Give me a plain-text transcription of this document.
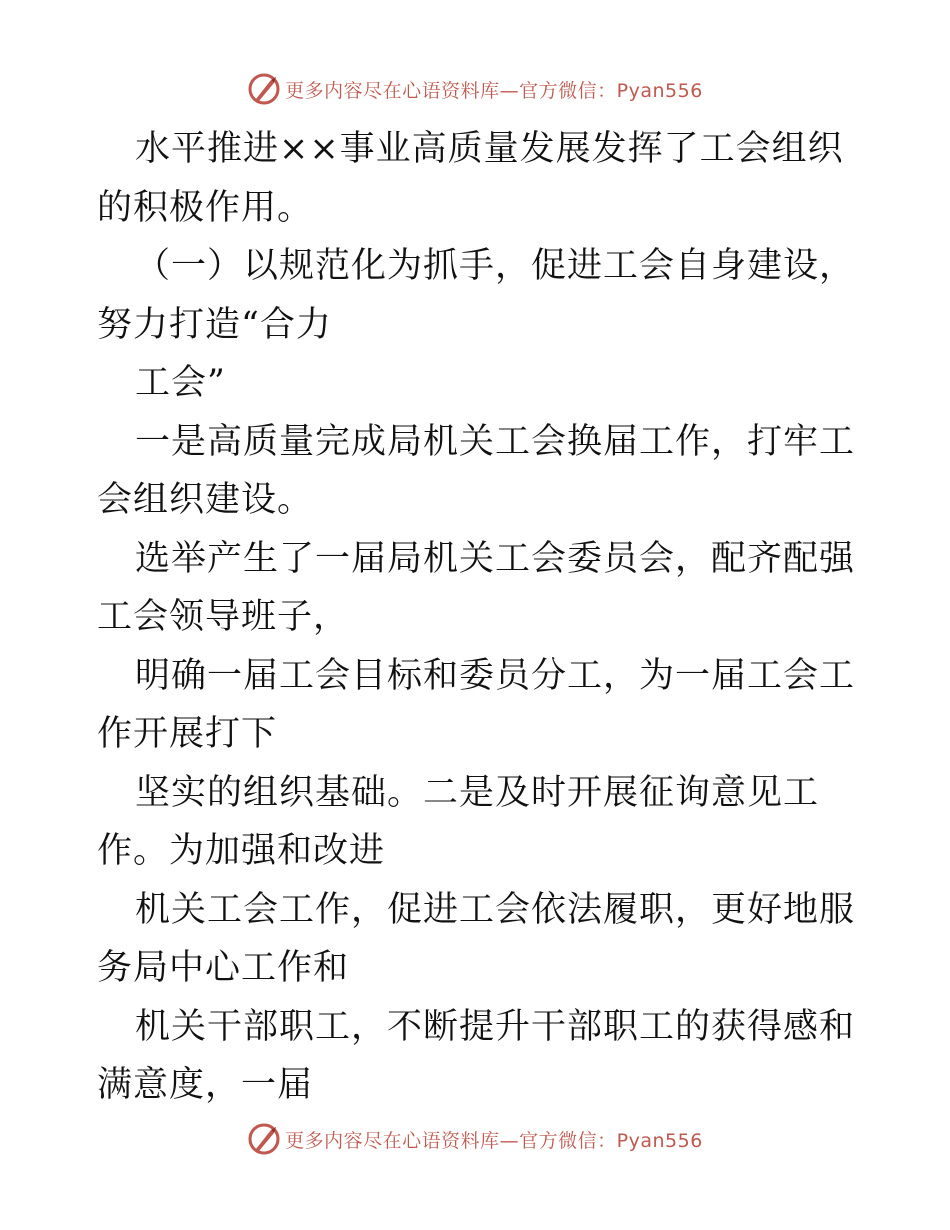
更多内容尽在心语资料库—官方微信：Pyan556

水平推进××事业高质量发展发挥了工会组织的积极作用。

（一）以规范化为抓手，促进工会自身建设，努力打造“合力

工会”

一是高质量完成局机关工会换届工作，打牢工会组织建设。

选举产生了一届局机关工会委员会，配齐配强工会领导班子，

明确一届工会目标和委员分工，为一届工会工作开展打下

坚实的组织基础。二是及时开展征询意见工作。为加强和改进

机关工会工作，促进工会依法履职，更好地服务局中心工作和

机关干部职工，不断提升干部职工的获得感和满意度，一届

更多内容尽在心语资料库—官方微信：Pyan556
